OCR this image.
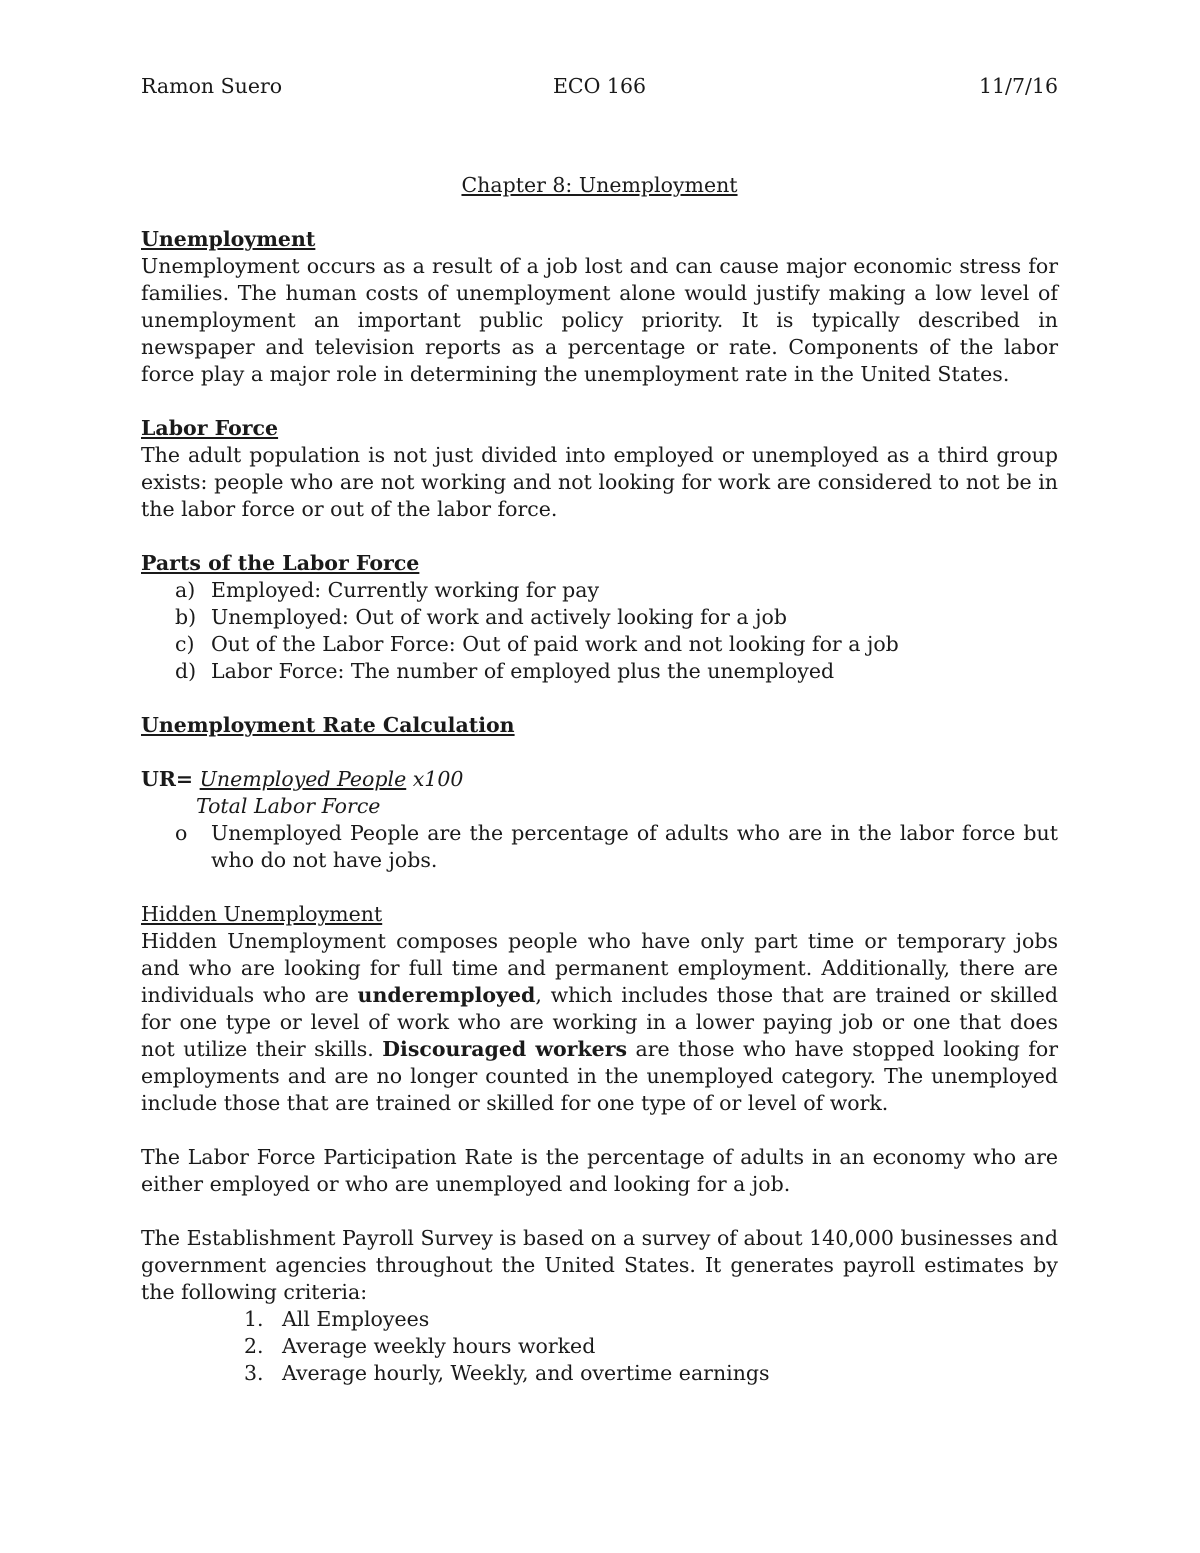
Ramon Suero	ECO 166	11/7/16
Chapter 8: Unemployment
Unemployment

Unemployment occurs as a result of a job lost and can cause major economic stress for families. The human costs of unemployment alone would justify making a low level of unemployment an important public policy priority. It is typically described in newspaper and television reports as a percentage or rate. Components of the labor force play a major role in determining the unemployment rate in the United States.

Labor Force

The adult population is not just divided into employed or unemployed as a third group exists: people who are not working and not looking for work are considered to not be in the labor force or out of the labor force.

Parts of the Labor Force
a) Employed: Currently working for pay
b) Unemployed: Out of work and actively looking for a job
c) Out of the Labor Force: Out of paid work and not looking for a job
d) Labor Force: The number of employed plus the unemployed
Unemployment Rate Calculation
UR= Unemployed People x100
Total Labor Force
o Unemployed People are the percentage of adults who are in the labor force but who do not have jobs.
Hidden Unemployment

Hidden Unemployment composes people who have only part time or temporary jobs and who are looking for full time and permanent employment. Additionally, there are individuals who are underemployed, which includes those that are trained or skilled for one type or level of work who are working in a lower paying job or one that does not utilize their skills. Discouraged workers are those who have stopped looking for employments and are no longer counted in the unemployed category. The unemployed include those that are trained or skilled for one type of or level of work.

The Labor Force Participation Rate is the percentage of adults in an economy who are either employed or who are unemployed and looking for a job.

The Establishment Payroll Survey is based on a survey of about 140,000 businesses and government agencies throughout the United States. It generates payroll estimates by the following criteria:

1. All Employees
2. Average weekly hours worked
3. Average hourly, Weekly, and overtime earnings
